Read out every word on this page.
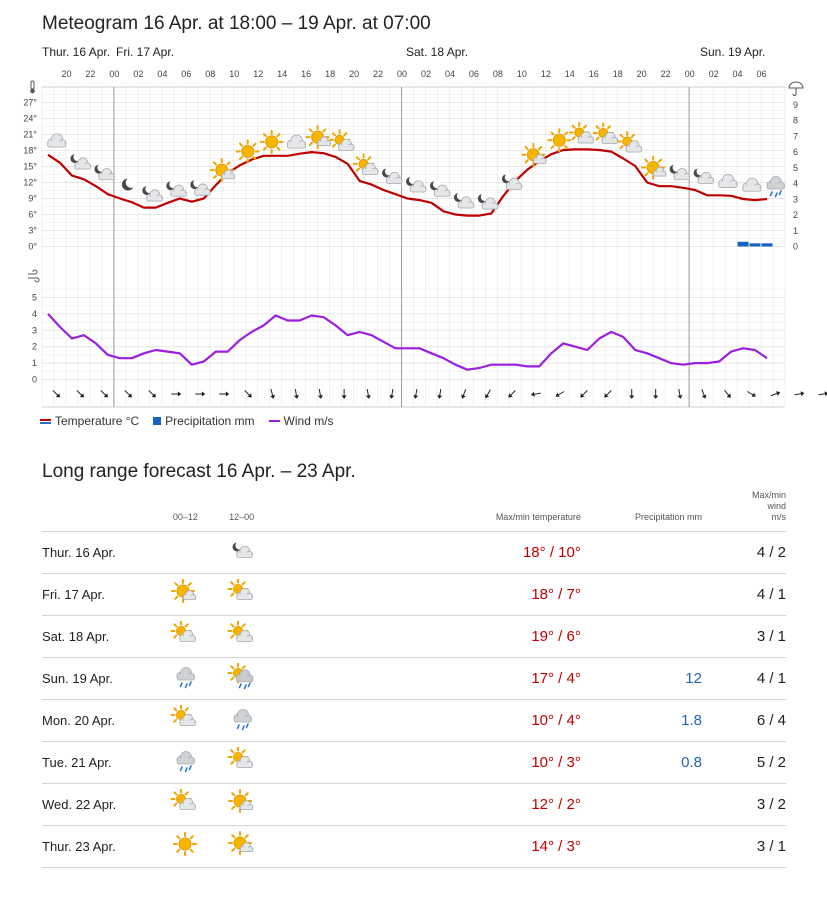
Meteogram 16 Apr. at 18:00 – 19 Apr. at 07:00
Thur. 16 Apr. Fri. 17 Apr.	Sat. 18 Apr.	Sun. 19 Apr.
20 22 00 02 04 06 08 10 12 14 16 18 20 22 00 02 04 06 08 10 12 14 16 18 20 22 00 02 04 06
27°
24°
21°
18°
15°
12°
9°
6°
3°
0°
9
8
7
6
5
4
3
2
1
0
5
4
3
2
1
0
Temperature °C Precipitation mm Wind m/s
Long range forecast 16 Apr. – 23 Apr.
	00–12	12–00	Max/min temperature	Precipitation mm	Max/min wind m/s
Thur. 16 Apr.			18° / 10°		4 / 2
Fri. 17 Apr.			18° / 7°		4 / 1
Sat. 18 Apr.			19° / 6°		3 / 1
Sun. 19 Apr.			17° / 4°	12	4 / 1
Mon. 20 Apr.			10° / 4°	1.8	6 / 4
Tue. 21 Apr.			10° / 3°	0.8	5 / 2
Wed. 22 Apr.			12° / 2°		3 / 2
Thur. 23 Apr.			14° / 3°		3 / 1
